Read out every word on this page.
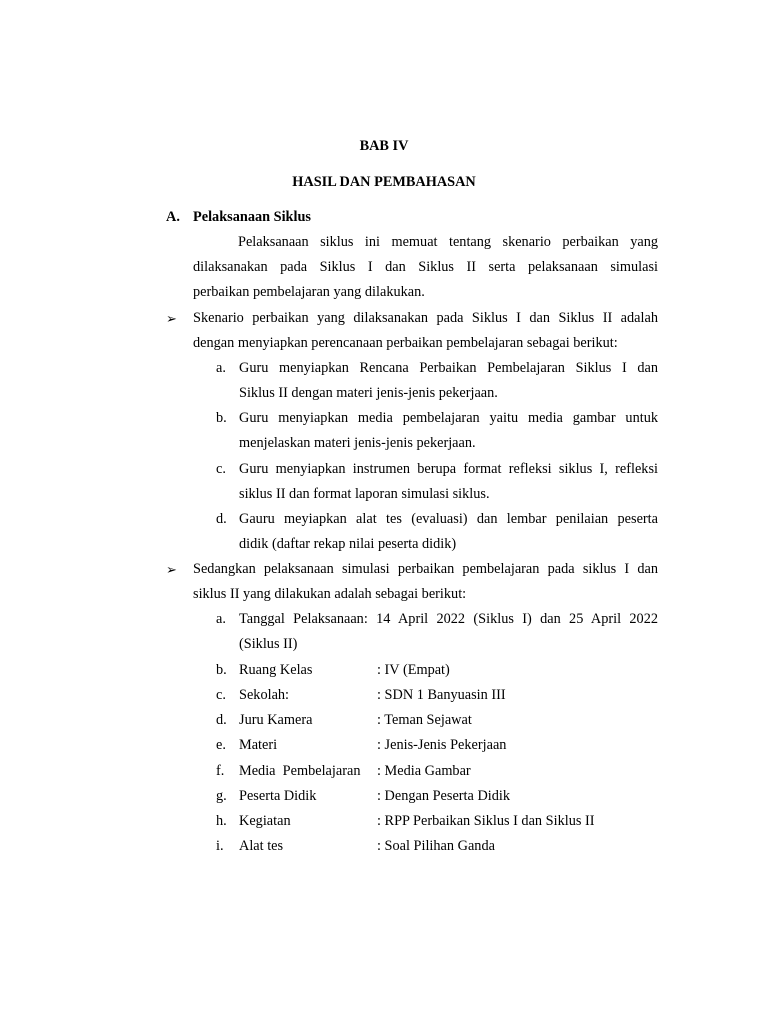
BAB IV
HASIL DAN PEMBAHASAN
A. Pelaksanaan Siklus
Pelaksanaan siklus ini memuat tentang skenario perbaikan yang
dilaksanakan pada Siklus I dan Siklus II serta pelaksanaan simulasi
perbaikan pembelajaran yang dilakukan.
➢ Skenario perbaikan yang dilaksanakan pada Siklus I dan Siklus II adalah
dengan menyiapkan perencanaan perbaikan pembelajaran sebagai berikut:
a. Guru menyiapkan Rencana Perbaikan Pembelajaran Siklus I dan
Siklus II dengan materi jenis-jenis pekerjaan.
b. Guru menyiapkan media pembelajaran yaitu media gambar untuk
menjelaskan materi jenis-jenis pekerjaan.
c. Guru menyiapkan instrumen berupa format refleksi siklus I, refleksi
siklus II dan format laporan simulasi siklus.
d. Gauru meyiapkan alat tes (evaluasi) dan lembar penilaian peserta
didik (daftar rekap nilai peserta didik)
➢ Sedangkan pelaksanaan simulasi perbaikan pembelajaran pada siklus I dan
siklus II yang dilakukan adalah sebagai berikut:
a. Tanggal Pelaksanaan: 14 April 2022 (Siklus I) dan 25 April 2022
(Siklus II)
b. Ruang Kelas	: IV (Empat)
c. Sekolah:	: SDN 1 Banyuasin III
d. Juru Kamera	: Teman Sejawat
e. Materi	: Jenis-Jenis Pekerjaan
f. Media  Pembelajaran : Media Gambar
g. Peserta Didik	: Dengan Peserta Didik
h. Kegiatan	: RPP Perbaikan Siklus I dan Siklus II
i. Alat tes	: Soal Pilihan Ganda
